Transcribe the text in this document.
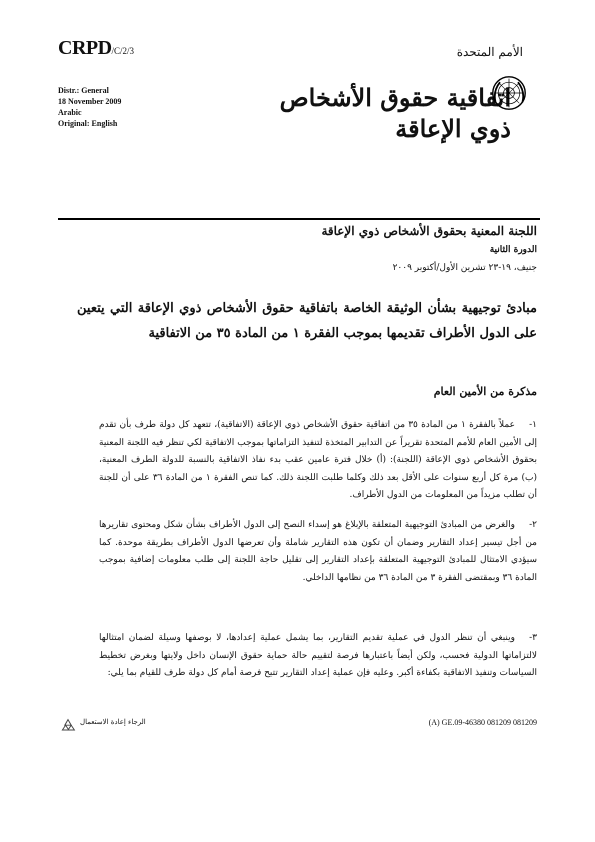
CRPD/C/2/3	الأمم المتحدة
Distr.: General
18 November 2009
Arabic
Original: English
اتفاقية حقوق الأشخاص
ذوي الإعاقة
اللجنة المعنية بحقوق الأشخاص ذوي الإعاقة
الدورة الثانية
جنيف، ١٩-٢٣ تشرين الأول/أكتوبر ٢٠٠٩
مبادئ توجيهية بشأن الوثيقة الخاصة باتفاقية حقوق الأشخاص ذوي الإعاقة التي يتعين على الدول الأطراف تقديمها بموجب الفقرة ١ من المادة ٣٥ من الاتفاقية
مذكرة من الأمين العام
١-عملاً بالفقرة ١ من المادة ٣٥ من اتفاقية حقوق الأشخاص ذوي الإعاقة (الاتفاقية)، تتعهد كل دولة طرف بأن تقدم إلى الأمين العام للأمم المتحدة تقريراً عن التدابير المتخذة لتنفيذ التزاماتها بموجب الاتفاقية لكي تنظر فيه اللجنة المعنية بحقوق الأشخاص ذوي الإعاقة (اللجنة): (أ) خلال فترة عامين عقب بدء نفاذ الاتفاقية بالنسبة للدولة الطرف المعنية، (ب) مرة كل أربع سنوات على الأقل بعد ذلك وكلما طلبت اللجنة ذلك. كما تنص الفقرة ١ من المادة ٣٦ على أن للجنة أن تطلب مزيداً من المعلومات من الدول الأطراف.
٢-والغرض من المبادئ التوجيهية المتعلقة بالإبلاغ هو إسداء النصح إلى الدول الأطراف بشأن شكل ومحتوى تقاريرها من أجل تيسير إعداد التقارير وضمان أن تكون هذه التقارير شاملة وأن تعرضها الدول الأطراف بطريقة موحدة. كما سيؤدي الامتثال للمبادئ التوجيهية المتعلقة بإعداد التقارير إلى تقليل حاجة اللجنة إلى طلب معلومات إضافية بموجب المادة ٣٦ وبمقتضى الفقرة ٣ من المادة ٣٦ من نظامها الداخلي.
٣-وينبغي أن تنظر الدول في عملية تقديم التقارير، بما يشمل عملية إعدادها، لا بوصفها وسيلة لضمان امتثالها لالتزاماتها الدولية فحسب، ولكن أيضاً باعتبارها فرصة لتقييم حالة حماية حقوق الإنسان داخل ولايتها وبغرض تخطيط السياسات وتنفيذ الاتفاقية بكفاءة أكبر. وعليه فإن عملية إعداد التقارير تتيح فرصة أمام كل دولة طرف للقيام بما يلي:
الرجاء إعادة الاستعمال	(A) GE.09-46380 081209 081209
